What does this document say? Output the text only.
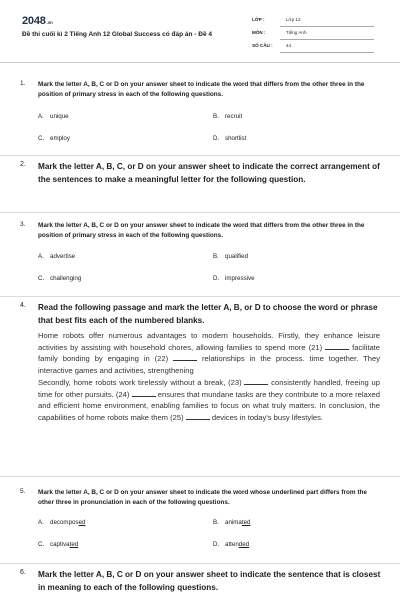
2048.vn
Đề thi cuối kì 2 Tiếng Anh 12 Global Success có đáp án - Đề 4
LỚP :	Lớp 12
MÔN :	Tiếng Anh
SỐ CÂU :	44
1. Mark the letter A, B, C or D on your answer sheet to indicate the word that differs from the other three in the position of primary stress in each of the following questions.
A. unique	B. recruit
C. employ	D. shortlist
2. Mark the letter A, B, C, or D on your answer sheet to indicate the correct arrangement of the sentences to make a meaningful letter for the following question.
3. Mark the letter A, B, C or D on your answer sheet to indicate the word that differs from the other three in the position of primary stress in each of the following questions.
A. advertise	B. qualified
C. challenging	D. impressive
4. Read the following passage and mark the letter A, B, or D to choose the word or phrase that best fits each of the numbered blanks.

Home robots offer numerous advantages to modern households. Firstly, they enhance leisure activities by assisting with household chores, allowing families to spend more (21)	facilitate family bonding by engaging in (22)	relationships in the process. time together. They interactive games and activities, strengthening

Secondly, home robots work tirelessly without a break, (23)	consistently handled, freeing up time for other pursuits. (24)	ensures that mundane tasks are they contribute to a more relaxed and efficient home environment, enabling families to focus on what truly matters. In conclusion, the capabilities of home robots make them (25)	devices in today's busy lifestyles.

5. Mark the letter A, B, C or D on your answer sheet to indicate the word whose underlined part differs from the other three in pronunciation in each of the following questions.
A. decomposed	B. animated
C. captivated	D. attended
6. Mark the letter A, B, C or D on your answer sheet to indicate the sentence that is closest in meaning to each of the following questions.
